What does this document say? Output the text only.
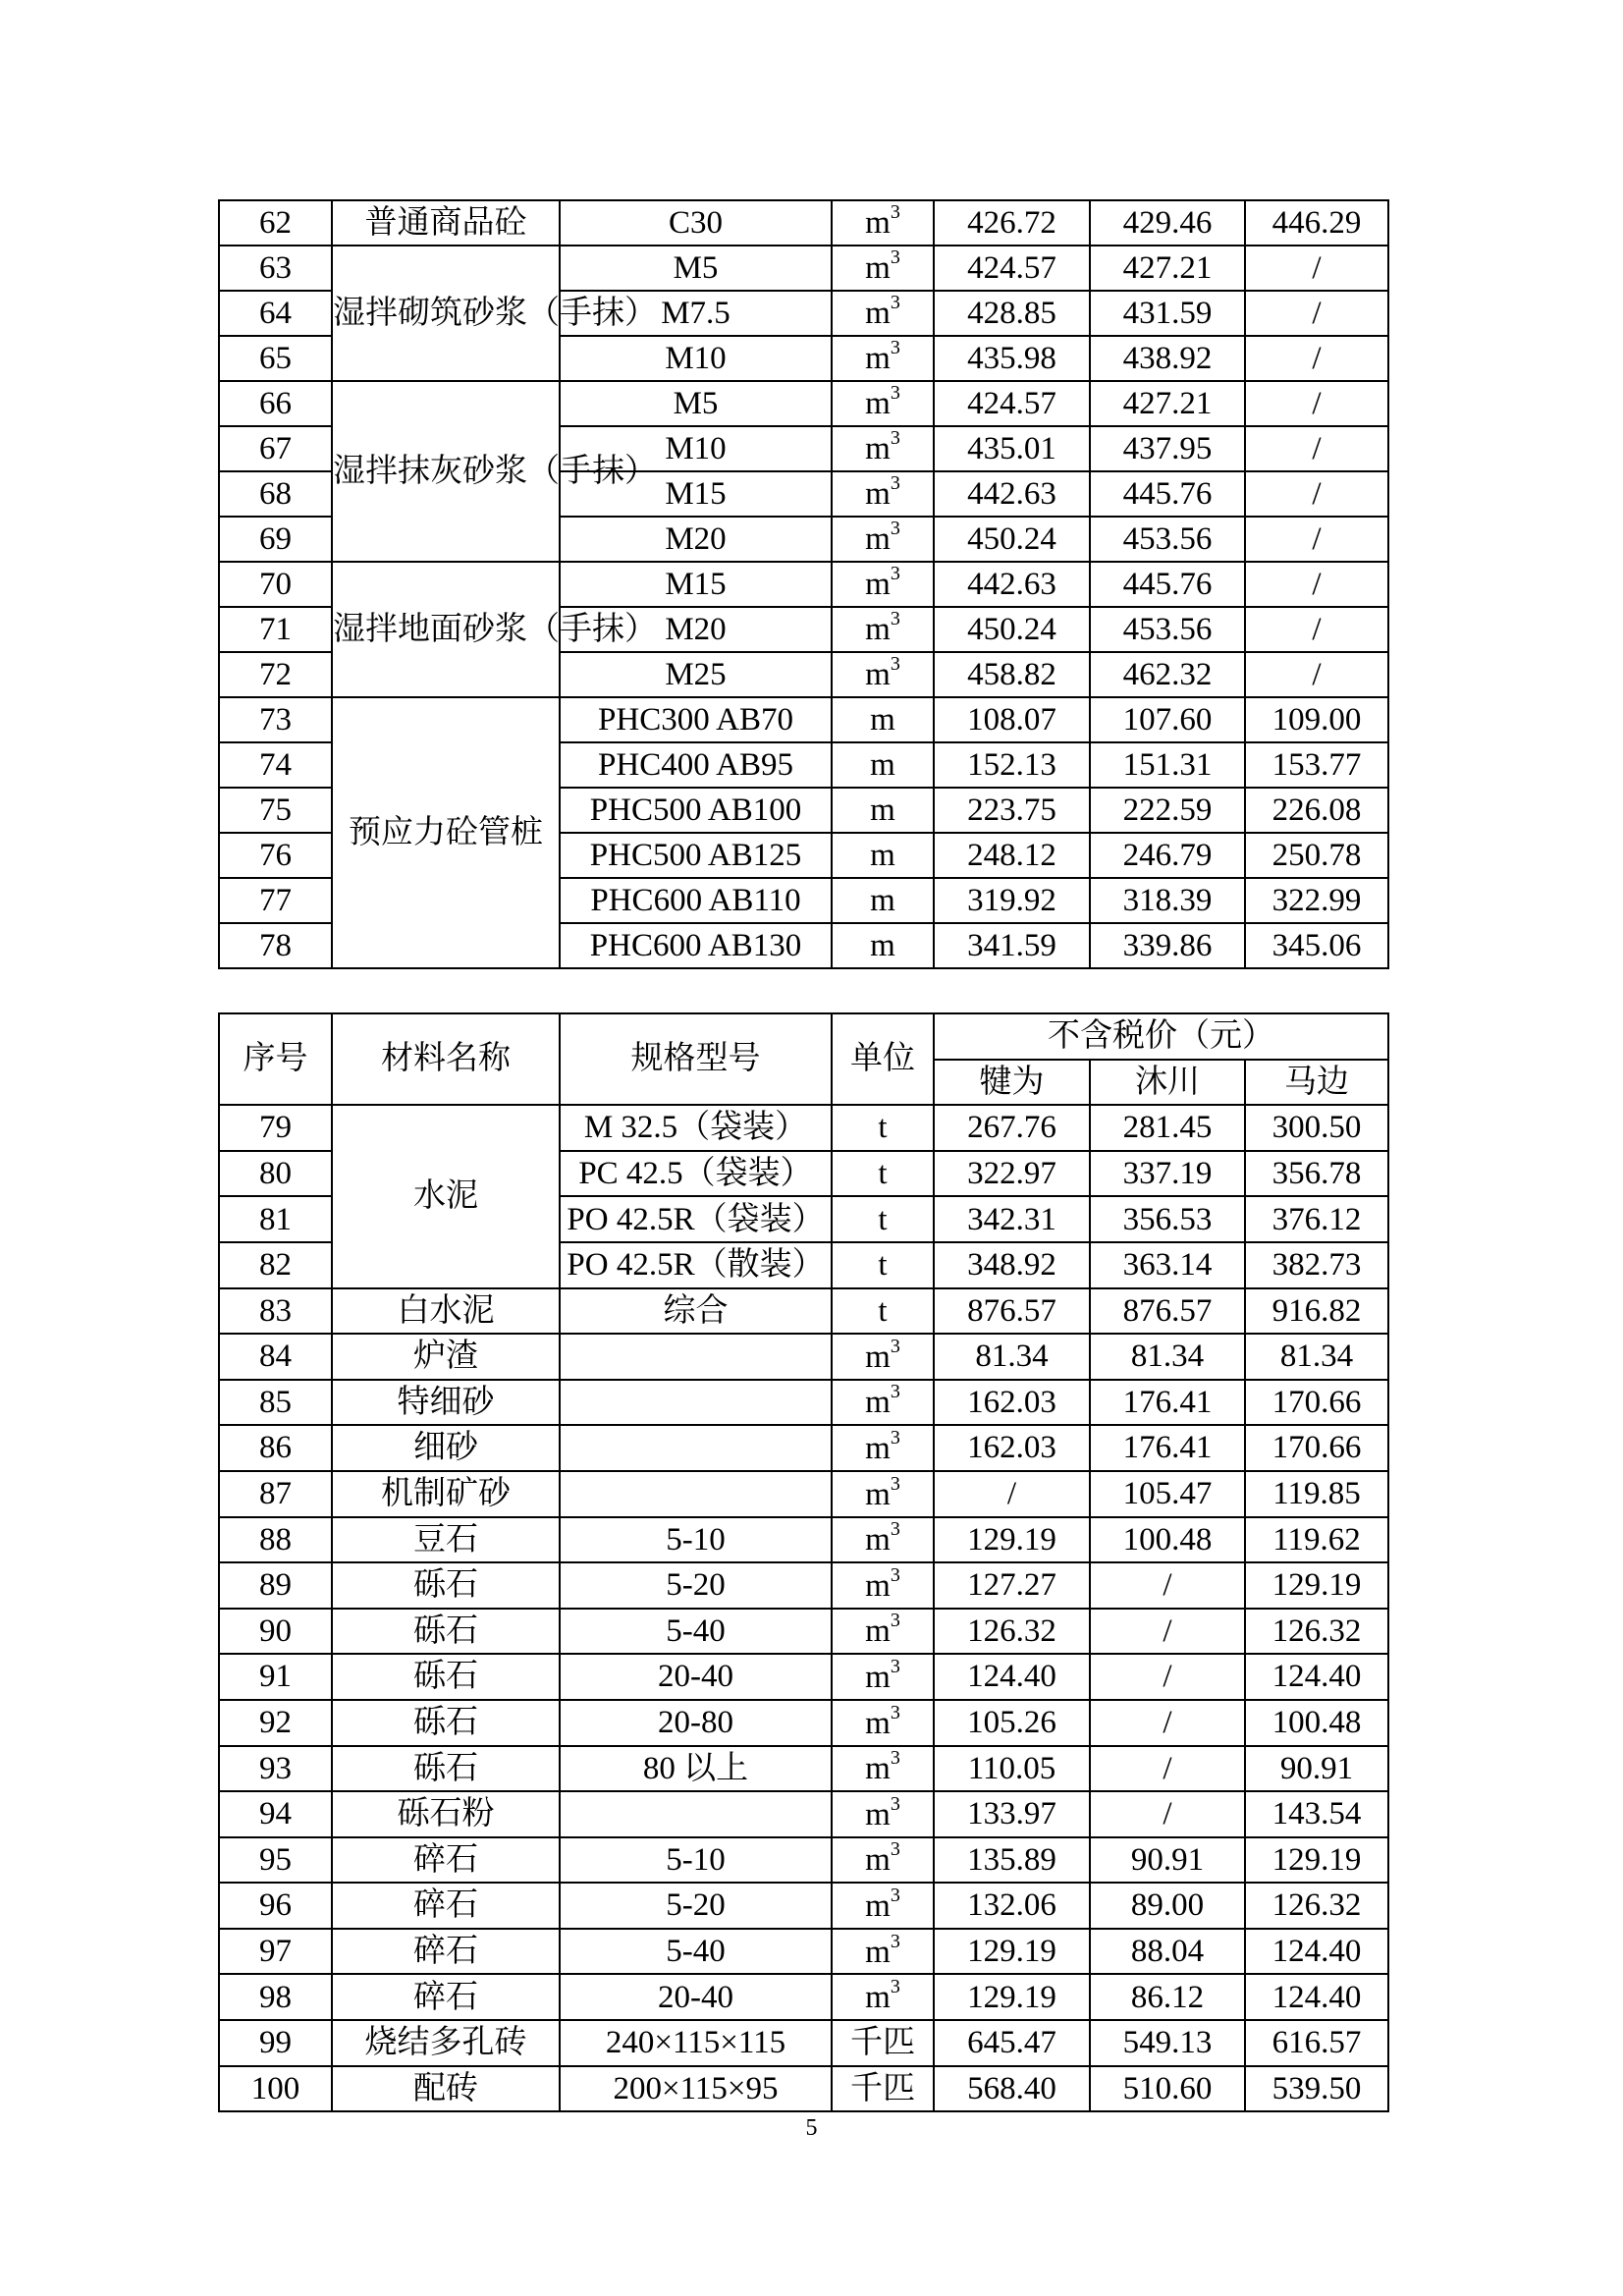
62	普通商品砼	C30	$m^3$	426.72	429.46	446.29
63	湿拌砌筑砂浆（手抹）	M5	$m^3$	424.57	427.21	/
64		M7.5	$m^3$	428.85	431.59	/
65		M10	$m^3$	435.98	438.92	/
66	湿拌抹灰砂浆（手抹）	M5	$m^3$	424.57	427.21	/
67		M10	$m^3$	435.01	437.95	/
68		M15	$m^3$	442.63	445.76	/
69		M20	$m^3$	450.24	453.56	/
70	湿拌地面砂浆（手抹）	M15	$m^3$	442.63	445.76	/
71		M20	$m^3$	450.24	453.56	/
72		M25	$m^3$	458.82	462.32	/
73	预应力砼管桩	PHC300 AB70	m	108.07	107.60	109.00
74		PHC400 AB95	m	152.13	151.31	153.77
75		PHC500 AB100	m	223.75	222.59	226.08
76		PHC500 AB125	m	248.12	246.79	250.78
77		PHC600 AB110	m	319.92	318.39	322.99
78		PHC600 AB130	m	341.59	339.86	345.06
序号	材料名称	规格型号	单位	不含税价（元）		
				犍为	沐川	马边
79	水泥	M 32.5（袋装）	t	267.76	281.45	300.50
80		PC 42.5（袋装）	t	322.97	337.19	356.78
81		PO 42.5R（袋装）	t	342.31	356.53	376.12
82		PO 42.5R（散装）	t	348.92	363.14	382.73
83	白水泥	综合	t	876.57	876.57	916.82
84	炉渣		$m^3$	81.34	81.34	81.34
85	特细砂		$m^3$	162.03	176.41	170.66
86	细砂		$m^3$	162.03	176.41	170.66
87	机制矿砂		$m^3$	/	105.47	119.85
88	豆石	5-10	$m^3$	129.19	100.48	119.62
89	砾石	5-20	$m^3$	127.27	/	129.19
90	砾石	5-40	$m^3$	126.32	/	126.32
91	砾石	20-40	$m^3$	124.40	/	124.40
92	砾石	20-80	$m^3$	105.26	/	100.48
93	砾石	80 以上	$m^3$	110.05	/	90.91
94	砾石粉		$m^3$	133.97	/	143.54
95	碎石	5-10	$m^3$	135.89	90.91	129.19
96	碎石	5-20	$m^3$	132.06	89.00	126.32
97	碎石	5-40	$m^3$	129.19	88.04	124.40
98	碎石	20-40	$m^3$	129.19	86.12	124.40
99	烧结多孔砖	240×115×115	千匹	645.47	549.13	616.57
100	配砖	200×115×95	千匹	568.40	510.60	539.50
5
